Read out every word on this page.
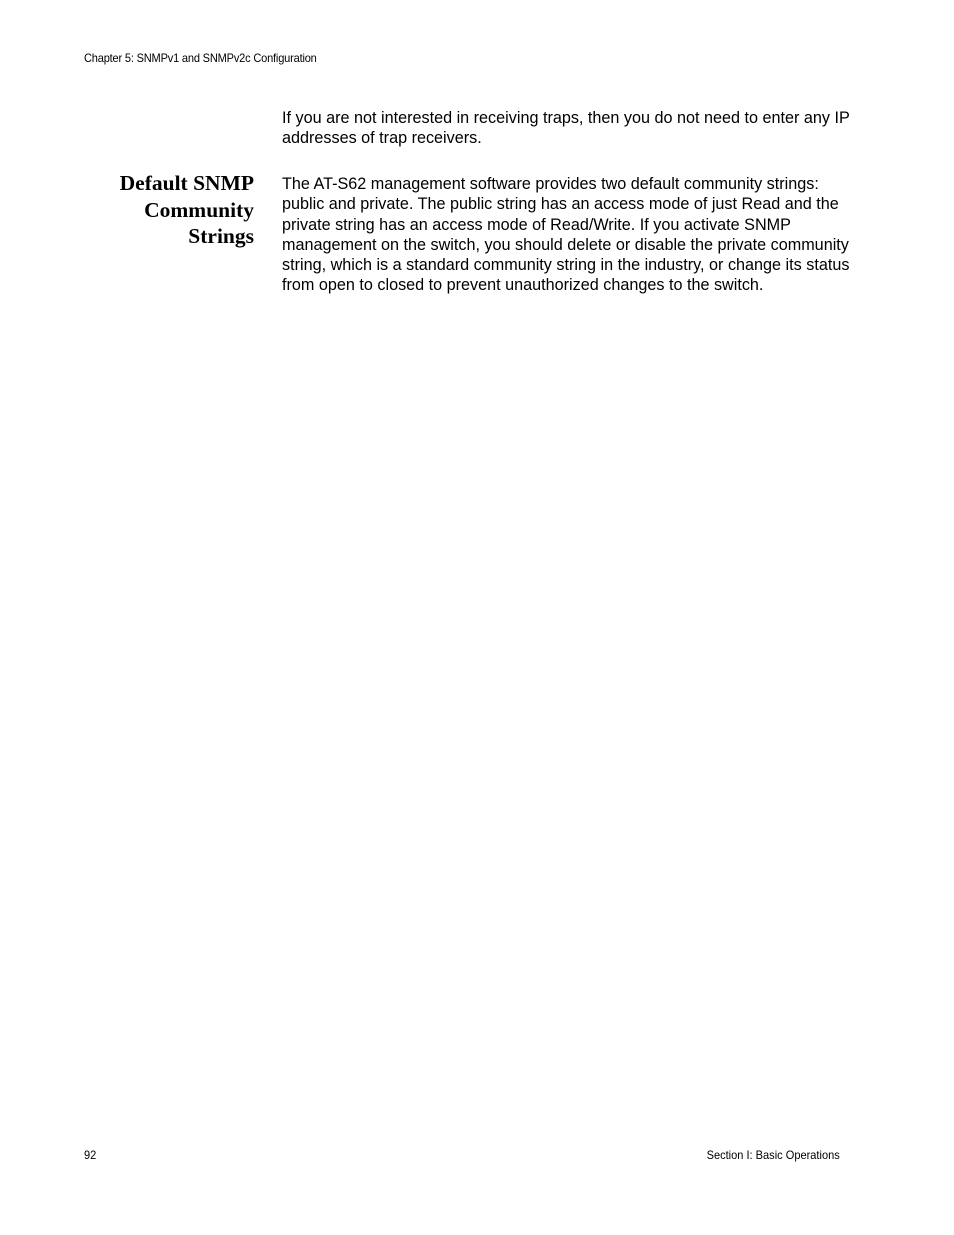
Chapter 5: SNMPv1 and SNMPv2c Configuration

If you are not interested in receiving traps, then you do not need to enter any IP addresses of trap receivers.

Default SNMP
Community
Strings

The AT-S62 management software provides two default community strings: public and private. The public string has an access mode of just Read and the private string has an access mode of Read/Write. If you activate SNMP management on the switch, you should delete or disable the private community string, which is a standard community string in the industry, or change its status from open to closed to prevent unauthorized changes to the switch.

92	Section I: Basic Operations
